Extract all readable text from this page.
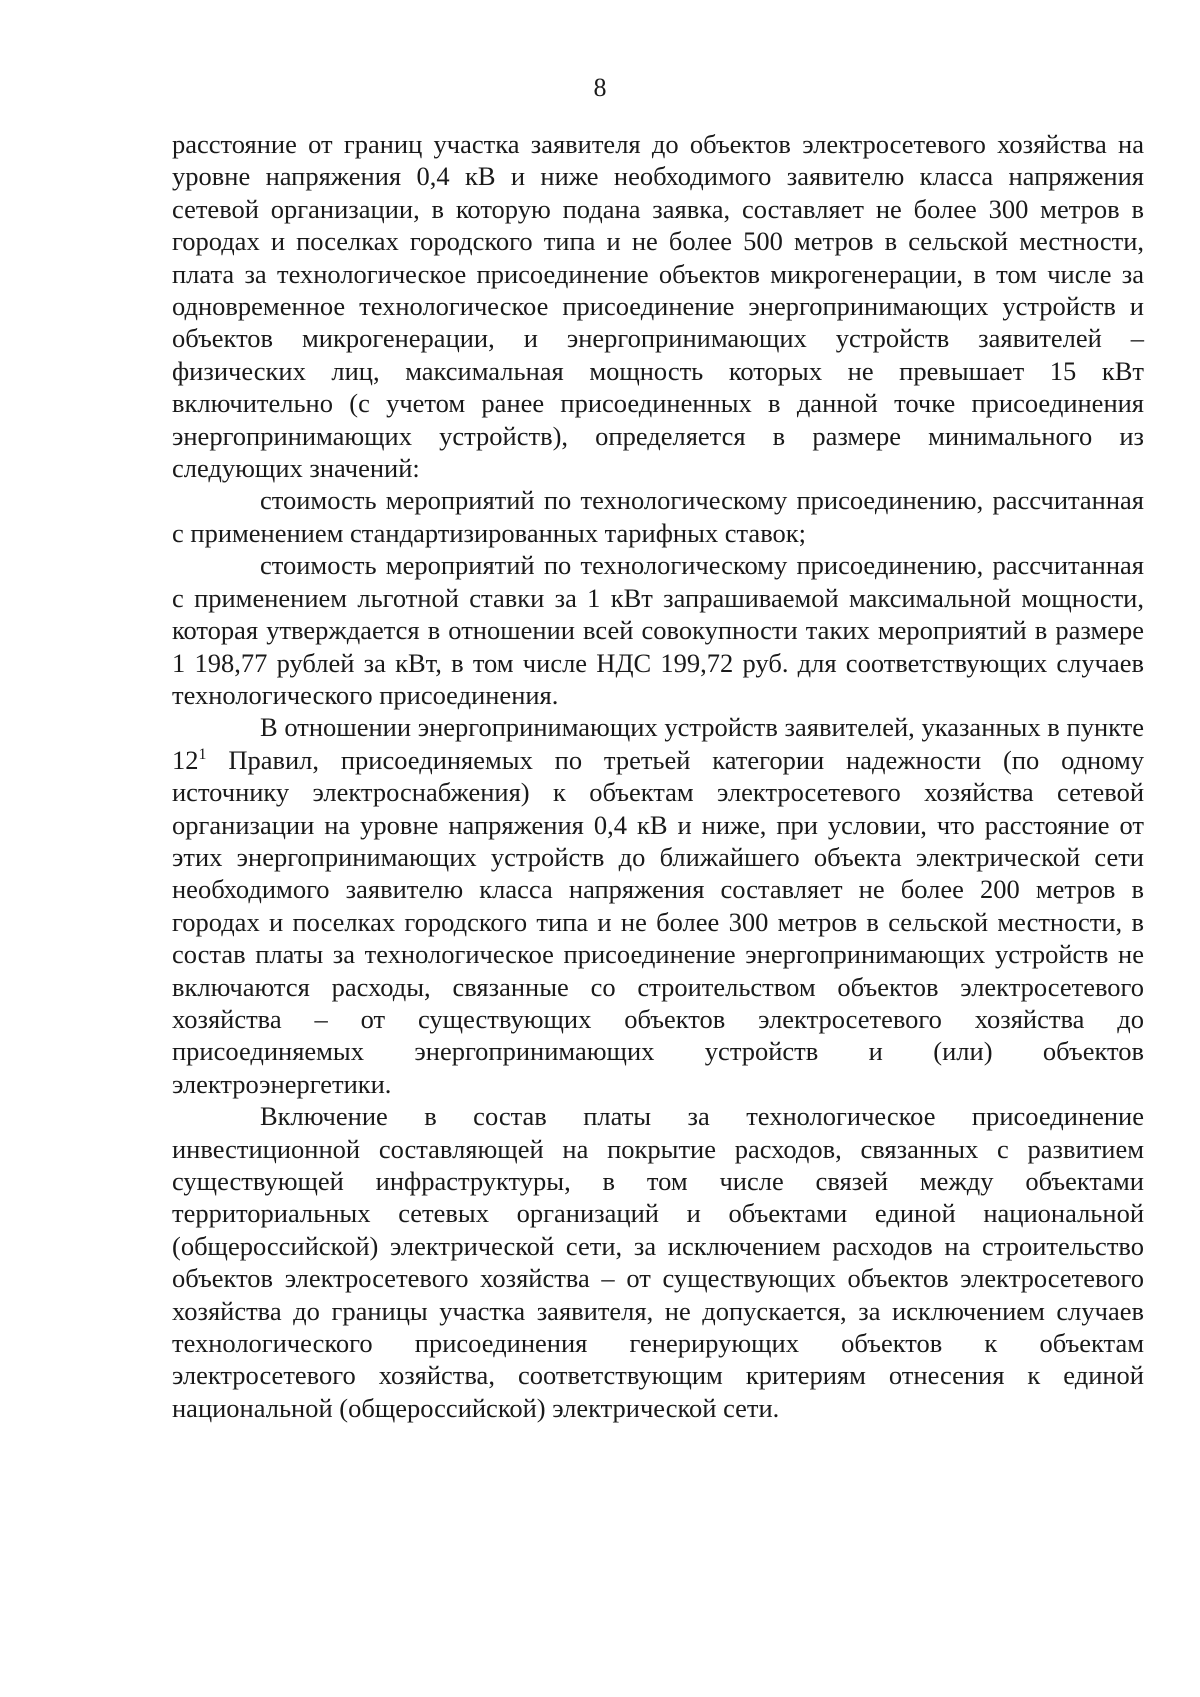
8

расстояние от границ участка заявителя до объектов электросетевого хозяйства на уровне напряжения 0,4 кВ и ниже необходимого заявителю класса напряжения сетевой организации, в которую подана заявка, составляет не более 300 метров в городах и поселках городского типа и не более 500 метров в сельской местности, плата за технологическое присоединение объектов микрогенерации, в том числе за одновременное технологическое присоединение энергопринимающих устройств и объектов микрогенерации, и энергопринимающих устройств заявителей – физических лиц, максимальная мощность которых не превышает 15 кВт включительно (с учетом ранее присоединенных в данной точке присоединения энергопринимающих устройств), определяется в размере минимального из следующих значений:

стоимость мероприятий по технологическому присоединению, рассчитанная с применением стандартизированных тарифных ставок;

стоимость мероприятий по технологическому присоединению, рассчитанная с применением льготной ставки за 1 кВт запрашиваемой максимальной мощности, которая утверждается в отношении всей совокупности таких мероприятий в размере 1 198,77 рублей за кВт, в том числе НДС 199,72 руб. для соответствующих случаев технологического присоединения.

В отношении энергопринимающих устройств заявителей, указанных в пункте $12^1$ Правил, присоединяемых по третьей категории надежности (по одному источнику электроснабжения) к объектам электросетевого хозяйства сетевой организации на уровне напряжения 0,4 кВ и ниже, при условии, что расстояние от этих энергопринимающих устройств до ближайшего объекта электрической сети необходимого заявителю класса напряжения составляет не более 200 метров в городах и поселках городского типа и не более 300 метров в сельской местности, в состав платы за технологическое присоединение энергопринимающих устройств не включаются расходы, связанные со строительством объектов электросетевого хозяйства – от существующих объектов электросетевого хозяйства до присоединяемых энергопринимающих устройств и (или) объектов электроэнергетики.

Включение в состав платы за технологическое присоединение инвестиционной составляющей на покрытие расходов, связанных с развитием существующей инфраструктуры, в том числе связей между объектами территориальных сетевых организаций и объектами единой национальной (общероссийской) электрической сети, за исключением расходов на строительство объектов электросетевого хозяйства – от существующих объектов электросетевого хозяйства до границы участка заявителя, не допускается, за исключением случаев технологического присоединения генерирующих объектов к объектам электросетевого хозяйства, соответствующим критериям отнесения к единой национальной (общероссийской) электрической сети.
